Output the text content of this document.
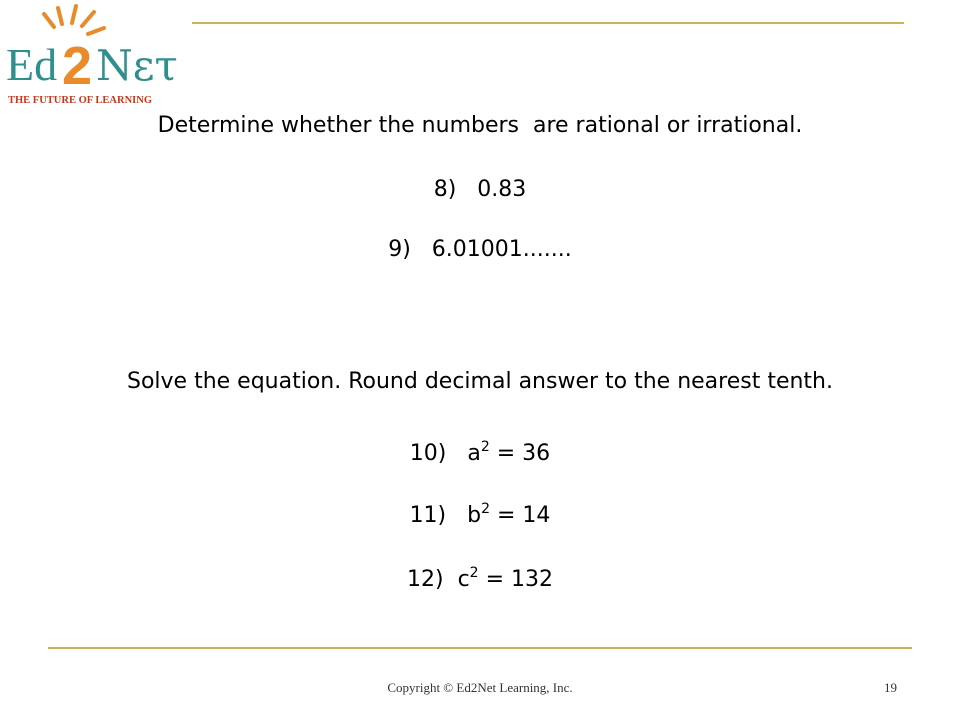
Ed 2 Nετ
THE FUTURE OF LEARNING
Determine whether the numbers  are rational or irrational.
8)   0.83
9)   6.01001.......
Solve the equation. Round decimal answer to the nearest tenth.
10)   $a^2 = 36$
11)   $b^2 = 14$
12)  $c^2 = 132$
Copyright © Ed2Net Learning, Inc.	19
